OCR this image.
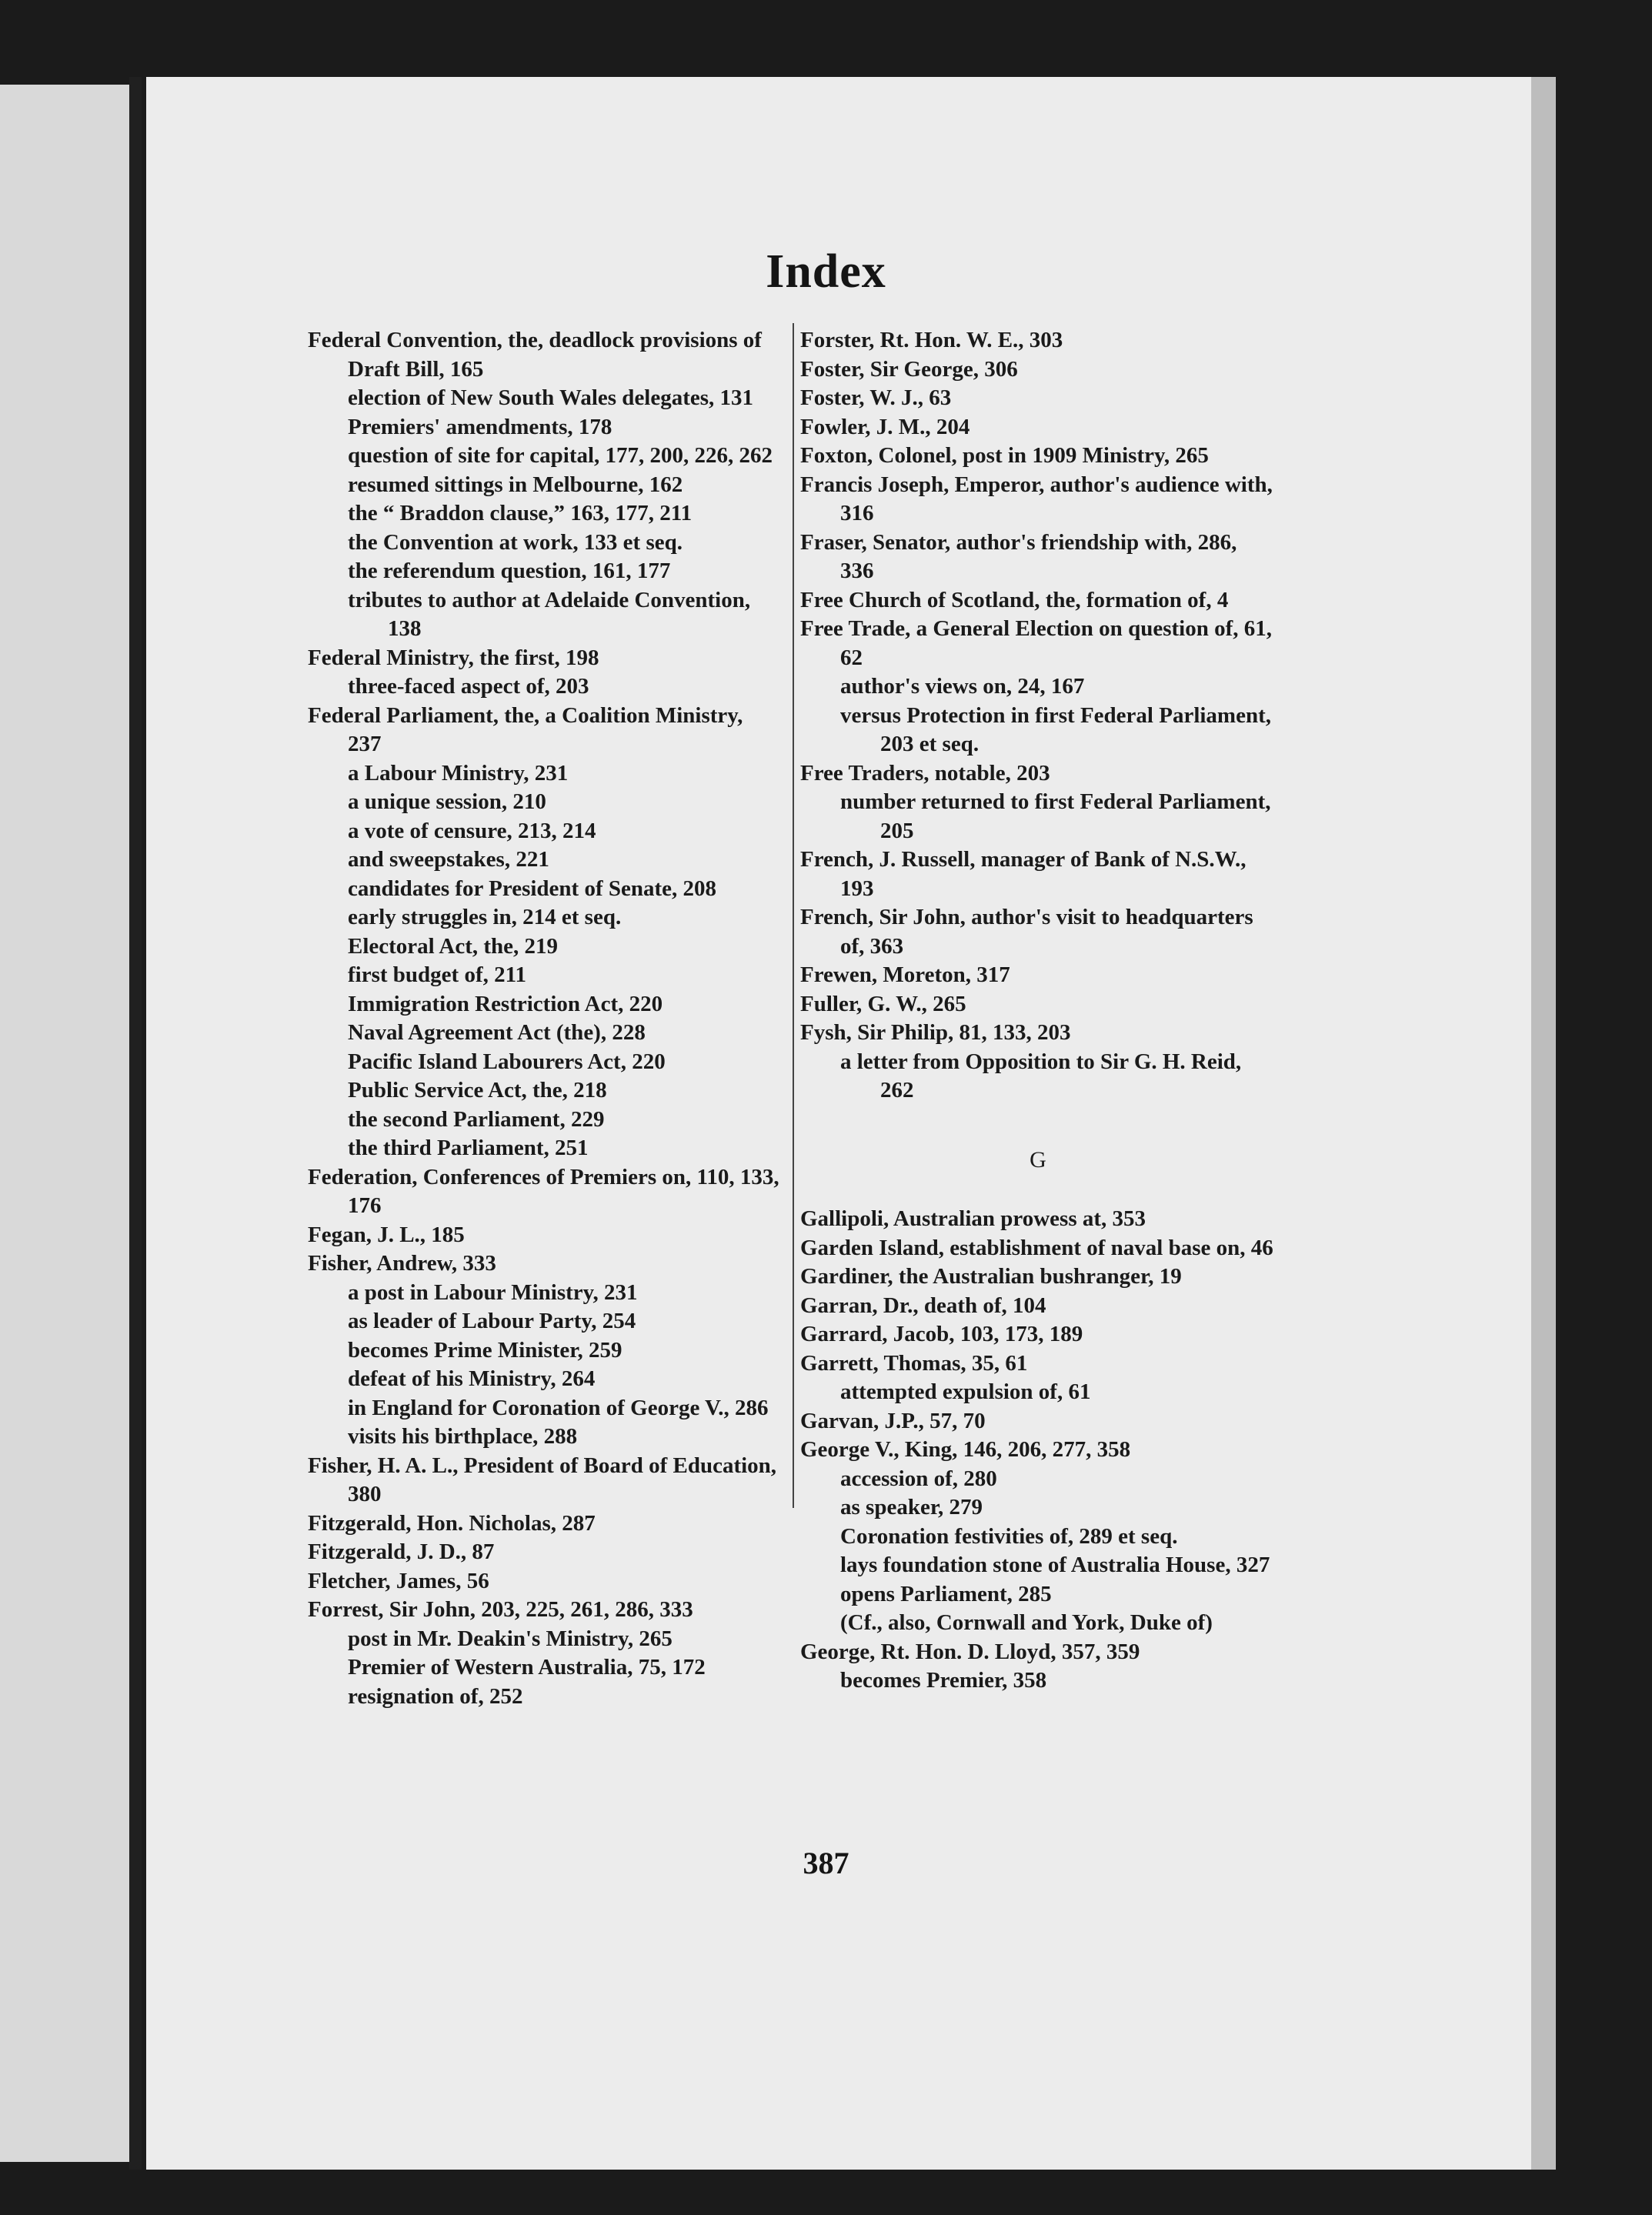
Index
Federal Convention, the, deadlock provisions of Draft Bill, 165
election of New South Wales delegates, 131
Premiers' amendments, 178
question of site for capital, 177, 200, 226, 262
resumed sittings in Melbourne, 162
the “ Braddon clause,” 163, 177, 211
the Convention at work, 133 et seq.
the referendum question, 161, 177
tributes to author at Adelaide Convention, 138
Federal Ministry, the first, 198
three-faced aspect of, 203
Federal Parliament, the, a Coalition Ministry, 237
a Labour Ministry, 231
a unique session, 210
a vote of censure, 213, 214
and sweepstakes, 221
candidates for President of Senate, 208
early struggles in, 214 et seq.
Electoral Act, the, 219
first budget of, 211
Immigration Restriction Act, 220
Naval Agreement Act (the), 228
Pacific Island Labourers Act, 220
Public Service Act, the, 218
the second Parliament, 229
the third Parliament, 251
Federation, Conferences of Premiers on, 110, 133, 176
Fegan, J. L., 185
Fisher, Andrew, 333
a post in Labour Ministry, 231
as leader of Labour Party, 254
becomes Prime Minister, 259
defeat of his Ministry, 264
in England for Coronation of George V., 286
visits his birthplace, 288
Fisher, H. A. L., President of Board of Education, 380
Fitzgerald, Hon. Nicholas, 287
Fitzgerald, J. D., 87
Fletcher, James, 56
Forrest, Sir John, 203, 225, 261, 286, 333
post in Mr. Deakin's Ministry, 265
Premier of Western Australia, 75, 172
resignation of, 252
Forster, Rt. Hon. W. E., 303
Foster, Sir George, 306
Foster, W. J., 63
Fowler, J. M., 204
Foxton, Colonel, post in 1909 Ministry, 265
Francis Joseph, Emperor, author's audience with, 316
Fraser, Senator, author's friendship with, 286, 336
Free Church of Scotland, the, formation of, 4
Free Trade, a General Election on question of, 61, 62
author's views on, 24, 167
versus Protection in first Federal Parliament, 203 et seq.
Free Traders, notable, 203
number returned to first Federal Parliament, 205
French, J. Russell, manager of Bank of N.S.W., 193
French, Sir John, author's visit to headquarters of, 363
Frewen, Moreton, 317
Fuller, G. W., 265
Fysh, Sir Philip, 81, 133, 203
a letter from Opposition to Sir G. H. Reid, 262
G
Gallipoli, Australian prowess at, 353
Garden Island, establishment of naval base on, 46
Gardiner, the Australian bushranger, 19
Garran, Dr., death of, 104
Garrard, Jacob, 103, 173, 189
Garrett, Thomas, 35, 61
attempted expulsion of, 61
Garvan, J.P., 57, 70
George V., King, 146, 206, 277, 358
accession of, 280
as speaker, 279
Coronation festivities of, 289 et seq.
lays foundation stone of Australia House, 327
opens Parliament, 285
(Cf., also, Cornwall and York, Duke of)
George, Rt. Hon. D. Lloyd, 357, 359
becomes Premier, 358
387
